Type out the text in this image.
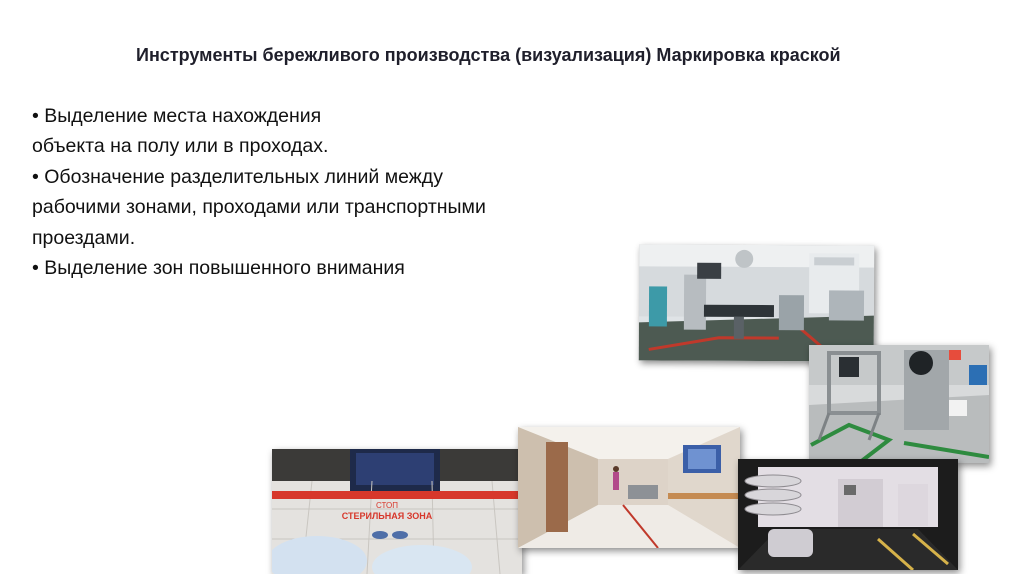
Инструменты бережливого производства (визуализация) Маркировка краской

• Выделение места нахождения

объекта на полу или в проходах.

• Обозначение разделительных линий между

рабочими зонами, проходами или транспортными

проездами.

• Выделение зон повышенного внимания

СТОП
СТЕРИЛЬНАЯ ЗОНА
